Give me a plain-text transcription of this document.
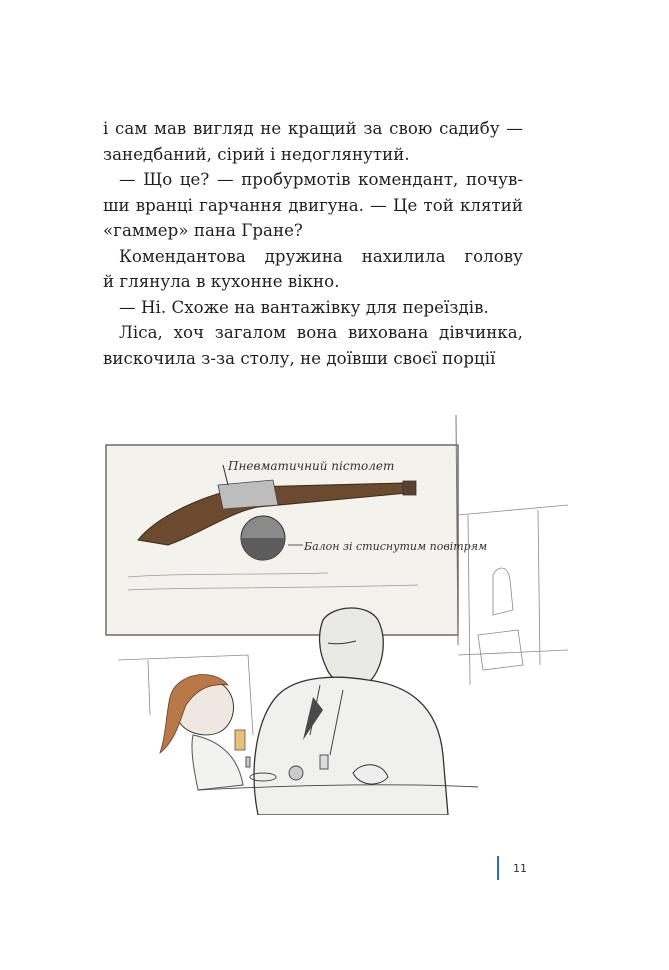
і сам мав вигляд не кращий за свою садибу —
занедбаний, сірий і недоглянутий.
— Що це? — пробурмотів комендант, почув-
ши вранці гарчання двигуна. — Це той клятий
«гаммер» пана Гране?
Комендантова дружина нахилила голову
й глянула в кухонне вікно.
— Ні. Схоже на вантажівку для переїздів.
Ліса, хоч загалом вона вихована дівчинка,
вискочила з-за столу, не доївши своєї порції
Пневматичний пістолет
Балон зі стиснутим повітрям
11
